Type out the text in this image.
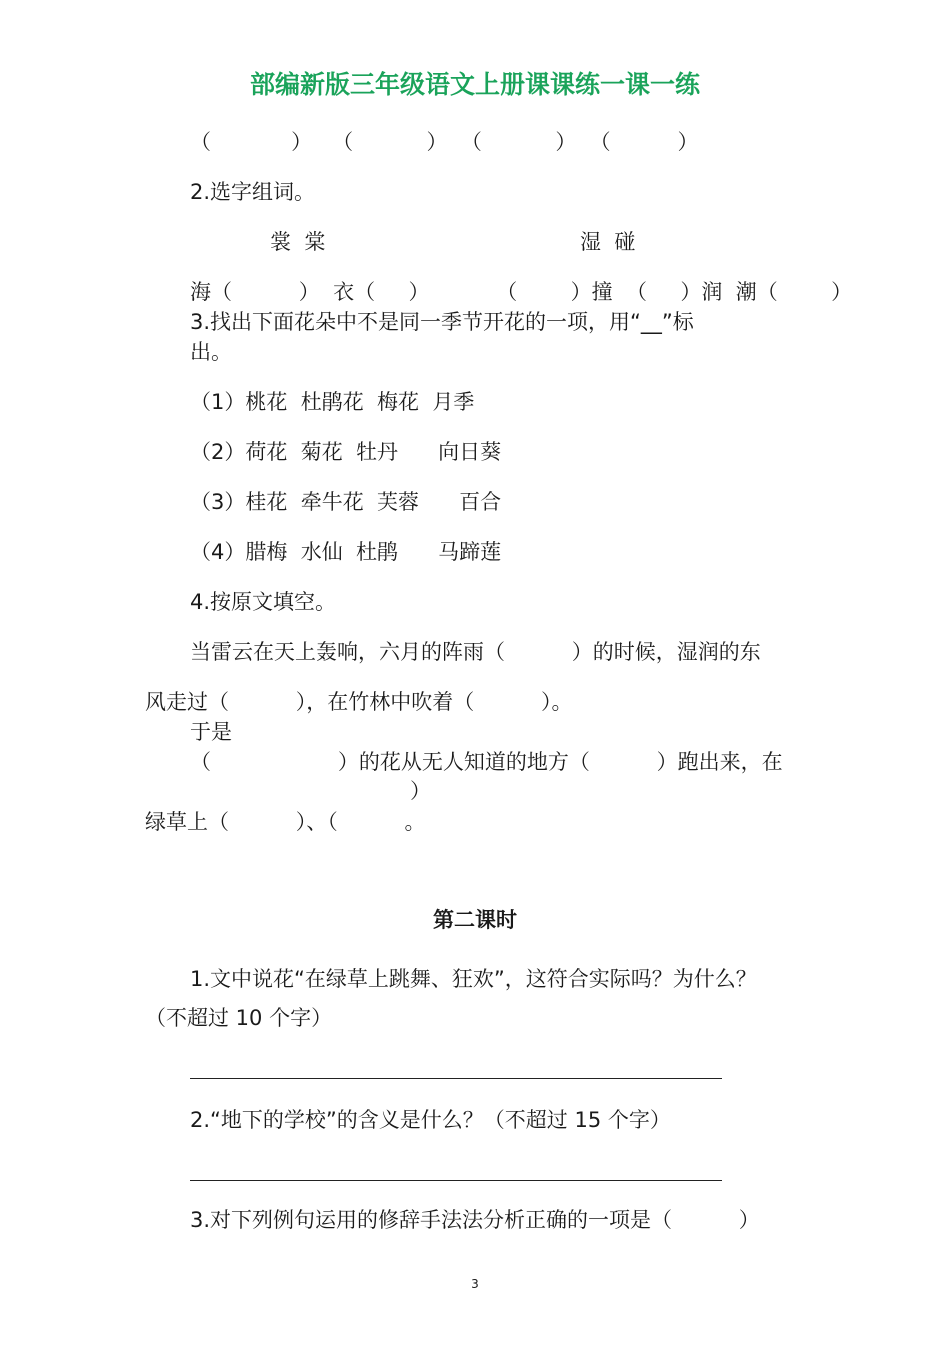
部编新版三年级语文上册课课练一课一练
（            ）   （           ）  （           ）  （          ）
2.选字组词。
裳  棠	湿  碰
海（          ）  衣（     ）          （        ）撞  （     ）润  潮（        ）
3.找出下面花朵中不是同一季节开花的一项，用“__”标
出。
（1）桃花  杜鹃花  梅花  月季
（2）荷花  菊花  牡丹      向日葵
（3）桂花  牵牛花  芙蓉      百合
（4）腊梅  水仙  杜鹃      马蹄莲
4.按原文填空。
当雷云在天上轰响，六月的阵雨（          ）的时候，湿润的东
风走过（          ），在竹林中吹着（          ）。
于是
（                   ）的花从无人知道的地方（          ）跑出来，在
）
绿草上（          ）、（          。
第二课时
1.文中说花“在绿草上跳舞、狂欢”，这符合实际吗？为什么？
（不超过 10 个字）
2.“地下的学校”的含义是什么？（不超过 15 个字）
3.对下列例句运用的修辞手法法分析正确的一项是（          ）
3
